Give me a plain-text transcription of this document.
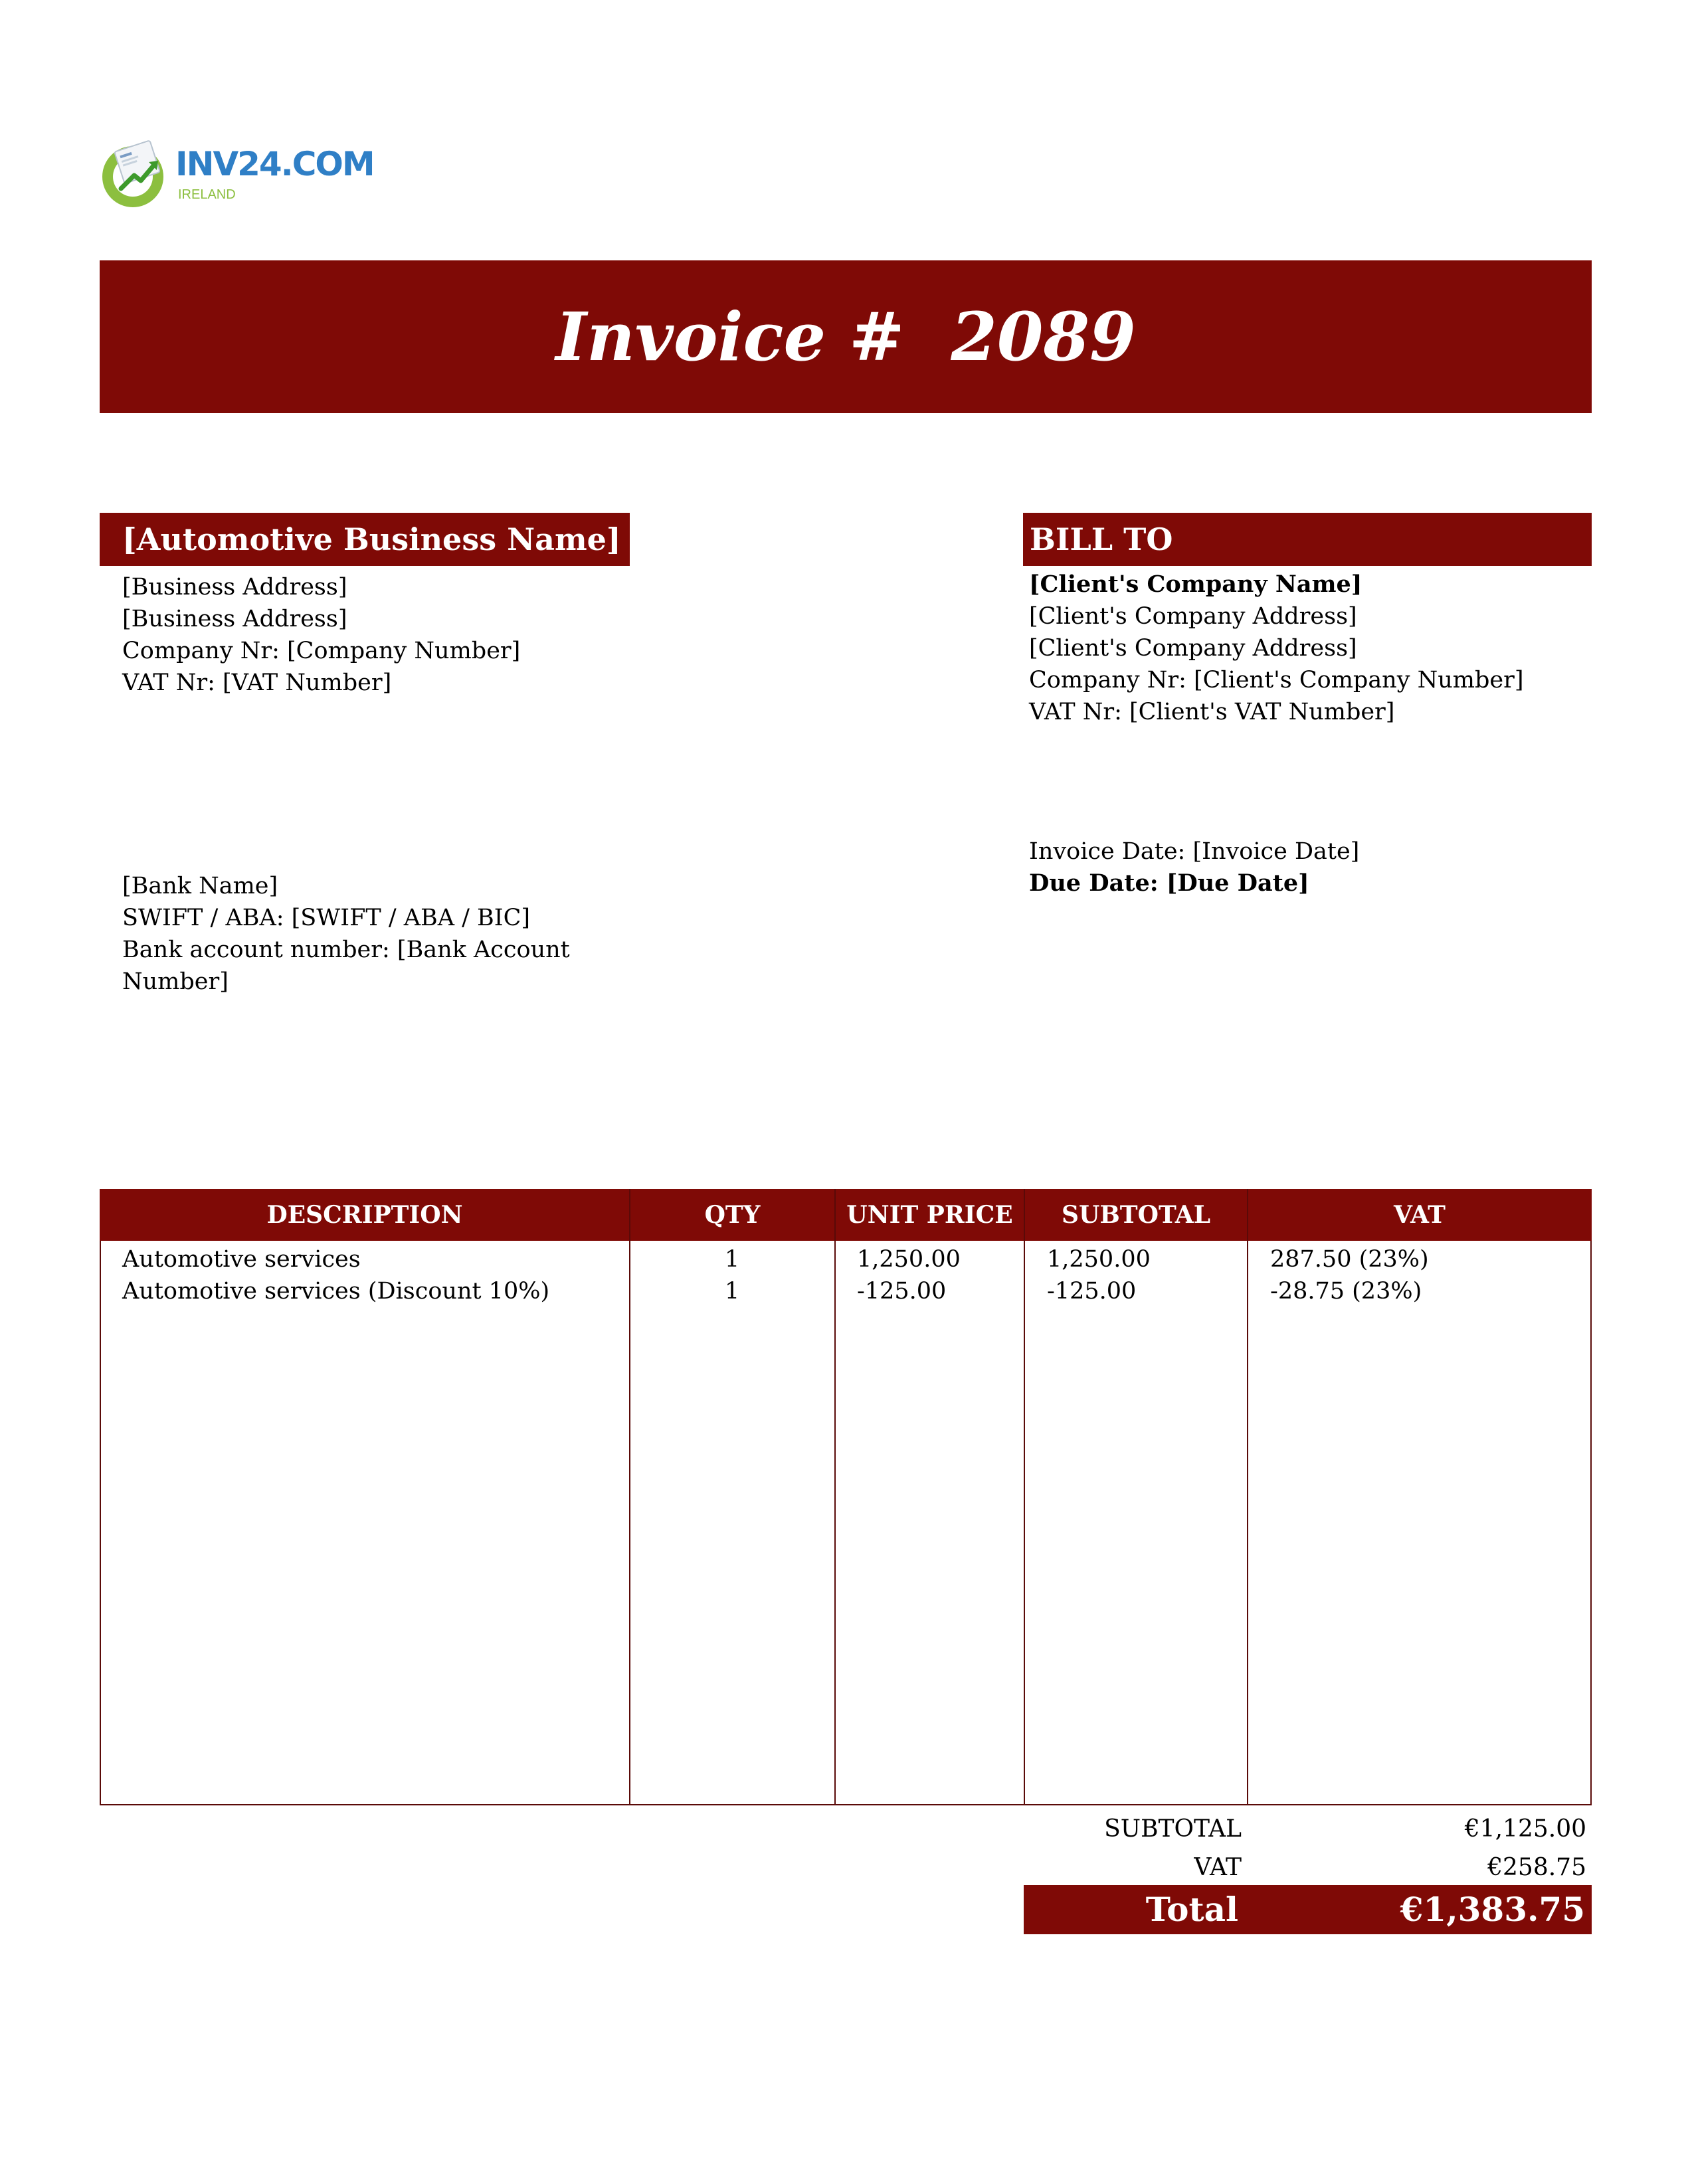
INV24.COM
IRELAND
Invoice #  2089
[Automotive Business Name]
[Business Address]
[Business Address]
Company Nr: [Company Number]
VAT Nr: [VAT Number]
[Bank Name]
SWIFT / ABA: [SWIFT / ABA / BIC]
Bank account number: [Bank Account
Number]
BILL TO
[Client's Company Name]
[Client's Company Address]
[Client's Company Address]
Company Nr: [Client's Company Number]
VAT Nr: [Client's VAT Number]
Invoice Date: [Invoice Date]
Due Date: [Due Date]
DESCRIPTION	QTY	UNIT PRICE	SUBTOTAL	VAT
Automotive services	1	1,250.00	1,250.00	287.50 (23%)
Automotive services (Discount 10%)	1	-125.00	-125.00	-28.75 (23%)
SUBTOTAL	€1,125.00
VAT	€258.75
Total	€1,383.75
